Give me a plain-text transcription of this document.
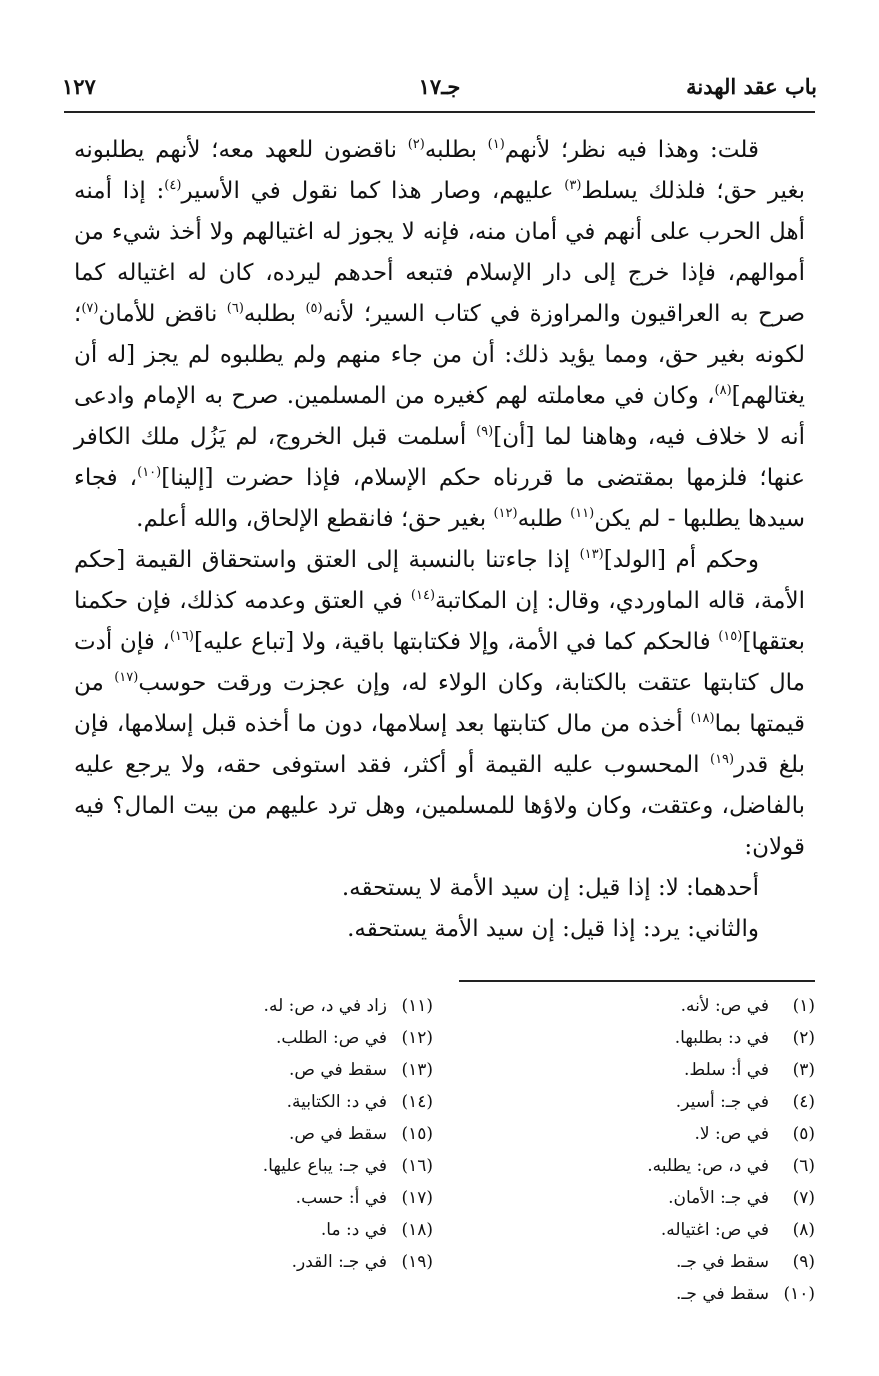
باب عقد الهدنة
جـ١٧
١٢٧

قلت: وهذا فيه نظر؛ لأنهم$^{(١)}$ بطلبه$^{(٢)}$ ناقضون للعهد معه؛ لأنهم يطلبونه بغير حق؛ فلذلك يسلط$^{(٣)}$ عليهم، وصار هذا كما نقول في الأسير$^{(٤)}$: إذا أمنه أهل الحرب على أنهم في أمان منه، فإنه لا يجوز له اغتيالهم ولا أخذ شيء من أموالهم، فإذا خرج إلى دار الإسلام فتبعه أحدهم ليرده، كان له اغتياله كما صرح به العراقيون والمراوزة في كتاب السير؛ لأنه$^{(٥)}$ بطلبه$^{(٦)}$ ناقض للأمان$^{(٧)}$؛ لكونه بغير حق، ومما يؤيد ذلك: أن من جاء منهم ولم يطلبوه لم يجز [له أن يغتالهم]$^{(٨)}$، وكان في معاملته لهم كغيره من المسلمين. صرح به الإمام وادعى أنه لا خلاف فيه، وهاهنا لما [أن]$^{(٩)}$ أسلمت قبل الخروج، لم يَزُل ملك الكافر عنها؛ فلزمها بمقتضى ما قررناه حكم الإسلام، فإذا حضرت [إلينا]$^{(١٠)}$، فجاء سيدها يطلبها - لم يكن$^{(١١)}$ طلبه$^{(١٢)}$ بغير حق؛ فانقطع الإلحاق، والله أعلم.

وحكم أم [الولد]$^{(١٣)}$ إذا جاءتنا بالنسبة إلى العتق واستحقاق القيمة [حكم الأمة، قاله الماوردي، وقال: إن المكاتبة$^{(١٤)}$ في العتق وعدمه كذلك، فإن حكمنا بعتقها]$^{(١٥)}$ فالحكم كما في الأمة، وإلا فكتابتها باقية، ولا [تباع عليه]$^{(١٦)}$، فإن أدت مال كتابتها عتقت بالكتابة، وكان الولاء له، وإن عجزت ورقت حوسب$^{(١٧)}$ من قيمتها بما$^{(١٨)}$ أخذه من مال كتابتها بعد إسلامها، دون ما أخذه قبل إسلامها، فإن بلغ قدر$^{(١٩)}$ المحسوب عليه القيمة أو أكثر، فقد استوفى حقه، ولا يرجع عليه بالفاضل، وعتقت، وكان ولاؤها للمسلمين، وهل ترد عليهم من بيت المال؟ فيه قولان:

أحدهما: لا: إذا قيل: إن سيد الأمة لا يستحقه.

والثاني: يرد: إذا قيل: إن سيد الأمة يستحقه.

(١)في ص: لأنه.
(٢)في د: بطلبها.
(٣)في أ: سلط.
(٤)في جـ: أسير.
(٥)في ص: لا.
(٦)في د، ص: يطلبه.
(٧)في جـ: الأمان.
(٨)في ص: اغتياله.
(٩)سقط في جـ.
(١٠)سقط في جـ.
(١١)زاد في د، ص: له.
(١٢)في ص: الطلب.
(١٣)سقط في ص.
(١٤)في د: الكتابية.
(١٥)سقط في ص.
(١٦)في جـ: يباع عليها.
(١٧)في أ: حسب.
(١٨)في د: ما.
(١٩)في جـ: القدر.
